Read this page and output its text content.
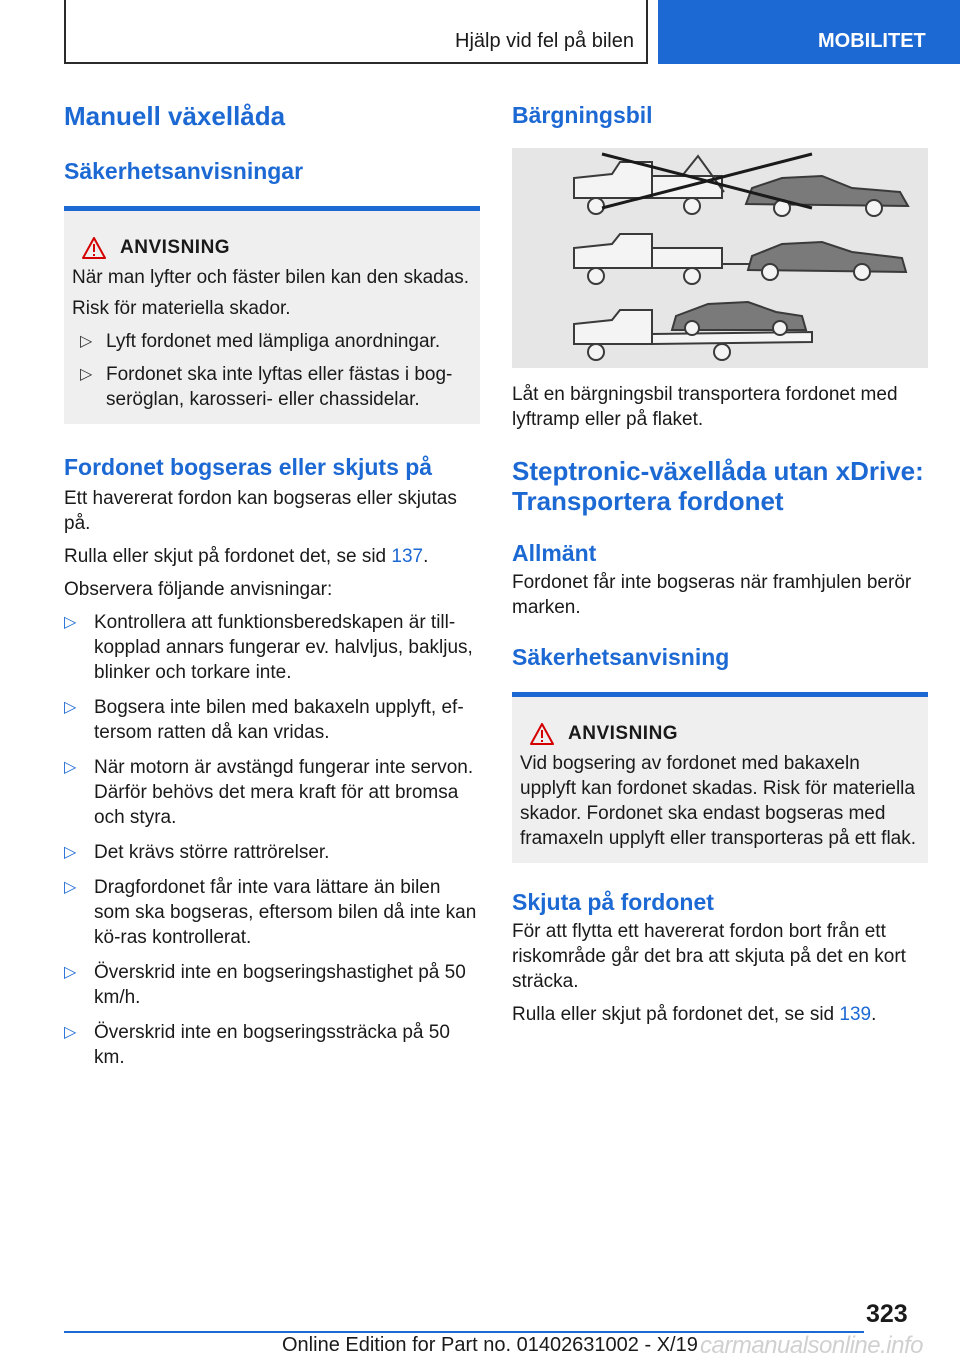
Hjälp vid fel på bilen	MOBILITET
Manuell växellåda
Säkerhetsanvisningar
ANVISNING

När man lyfter och fäster bilen kan den skadas.

Risk för materiella skador.

▷ Lyft fordonet med lämpliga anordningar.
▷ Fordonet ska inte lyftas eller fästas i bog-seröglan, karosseri- eller chassidelar.
Fordonet bogseras eller skjuts på

Ett havererat fordon kan bogseras eller skjutas på.

Rulla eller skjut på fordonet det, se sid 137.

Observera följande anvisningar:

▷ Kontrollera att funktionsberedskapen är till-kopplad annars fungerar ev. halvljus, bakljus, blinker och torkare inte.
▷ Bogsera inte bilen med bakaxeln upplyft, ef-tersom ratten då kan vridas.
▷ När motorn är avstängd fungerar inte servon. Därför behövs det mera kraft för att bromsa och styra.
▷ Det krävs större rattrörelser.
▷ Dragfordonet får inte vara lättare än bilen som ska bogseras, eftersom bilen då inte kan kö-ras kontrollerat.
▷ Överskrid inte en bogseringshastighet på 50 km/h.
▷ Överskrid inte en bogseringssträcka på 50 km.
Bärgningsbil

Låt en bärgningsbil transportera fordonet med lyftramp eller på flaket.

Steptronic-växellåda utan xDrive: Transportera fordonet
Allmänt

Fordonet får inte bogseras när framhjulen berör marken.

Säkerhetsanvisning
ANVISNING

Vid bogsering av fordonet med bakaxeln upplyft kan fordonet skadas. Risk för materiella skador. Fordonet ska endast bogseras med framaxeln upplyft eller transporteras på ett flak.

Skjuta på fordonet

För att flytta ett havererat fordon bort från ett riskområde går det bra att skjuta på det en kort sträcka.

Rulla eller skjut på fordonet det, se sid 139.

323
Online Edition for Part no. 01402631002 - X/19 carmanualsonline.info
